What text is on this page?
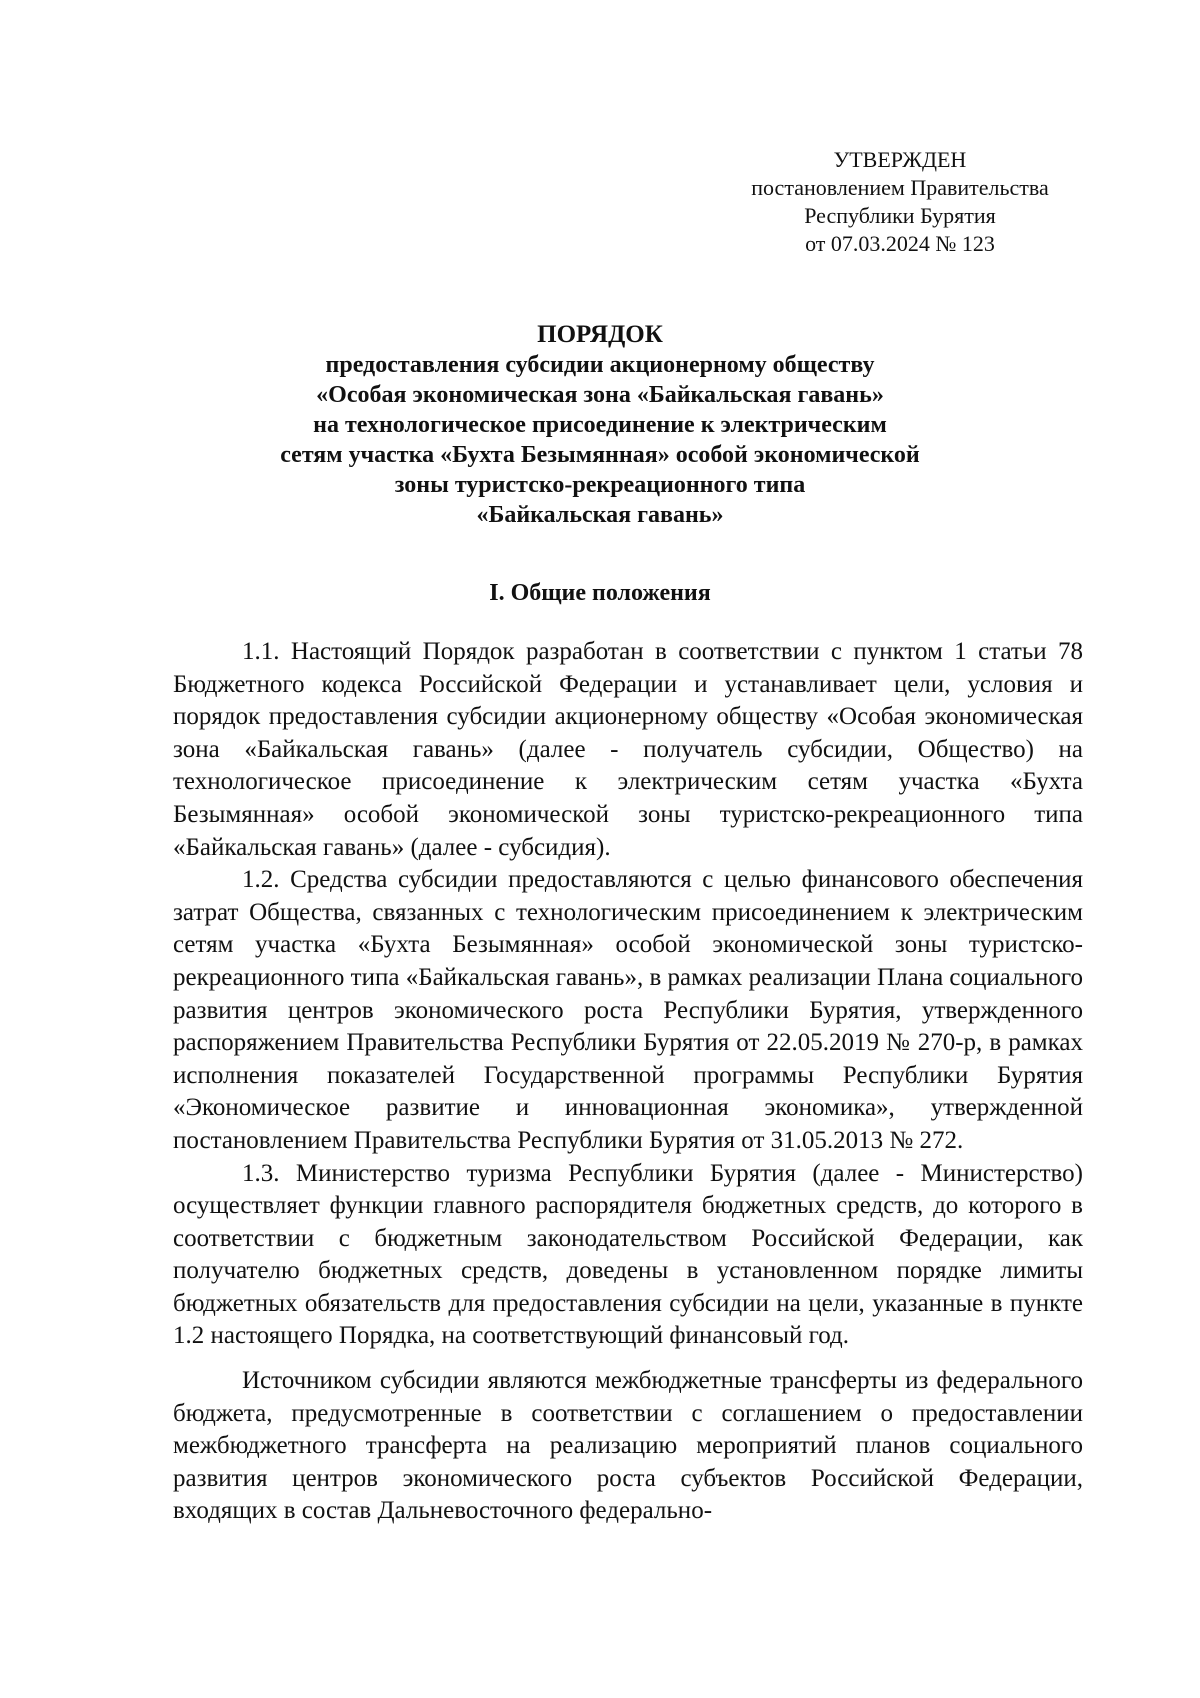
УТВЕРЖДЕН
постановлением Правительства
Республики Бурятия
от 07.03.2024 № 123
ПОРЯДОК
предоставления субсидии акционерному обществу
«Особая экономическая зона «Байкальская гавань»
на технологическое присоединение к электрическим
сетям участка «Бухта Безымянная» особой экономической
зоны туристско-рекреационного типа
«Байкальская гавань»
I. Общие положения

1.1. Настоящий Порядок разработан в соответствии с пунктом 1 статьи 78 Бюджетного кодекса Российской Федерации и устанавливает цели, условия и порядок предоставления субсидии акционерному обществу «Особая экономическая зона «Байкальская гавань» (далее - получатель субсидии, Общество) на технологическое присоединение к электрическим сетям участка «Бухта Безымянная» особой экономической зоны туристско-рекреационного типа «Байкальская гавань» (далее - субсидия).

1.2. Средства субсидии предоставляются с целью финансового обеспечения затрат Общества, связанных с технологическим присоединением к электрическим сетям участка «Бухта Безымянная» особой экономической зоны туристско-рекреационного типа «Байкальская гавань», в рамках реализации Плана социального развития центров экономического роста Республики Бурятия, утвержденного распоряжением Правительства Республики Бурятия от 22.05.2019 № 270-р, в рамках исполнения показателей Государственной программы Республики Бурятия «Экономическое развитие и инновационная экономика», утвержденной постановлением Правительства Республики Бурятия от 31.05.2013 № 272.

1.3. Министерство туризма Республики Бурятия (далее - Министерство) осуществляет функции главного распорядителя бюджетных средств, до которого в соответствии с бюджетным законодательством Российской Федерации, как получателю бюджетных средств, доведены в установленном порядке лимиты бюджетных обязательств для предоставления субсидии на цели, указанные в пункте 1.2 настоящего Порядка, на соответствующий финансовый год.

Источником субсидии являются межбюджетные трансферты из федерального бюджета, предусмотренные в соответствии с соглашением о предоставлении межбюджетного трансферта на реализацию мероприятий планов социального развития центров экономического роста субъектов Российской Федерации, входящих в состав Дальневосточного федерально-
